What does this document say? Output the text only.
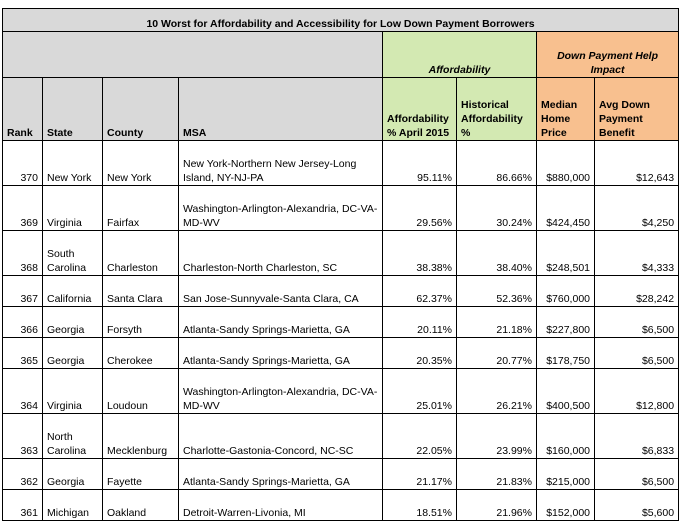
10 Worst for Affordability and Accessibility for Low Down Payment Borrowers							
				Affordability		Down Payment Help Impact	
Rank	State	County	MSA	Affordability % April 2015	Historical Affordability %	Median Home Price	Avg Down Payment Benefit
370	New York	New York	New York-Northern New Jersey-Long Island, NY-NJ-PA	95.11%	86.66%	$880,000	$12,643
369	Virginia	Fairfax	Washington-Arlington-Alexandria, DC-VA-MD-WV	29.56%	30.24%	$424,450	$4,250
368	South Carolina	Charleston	Charleston-North Charleston, SC	38.38%	38.40%	$248,501	$4,333
367	California	Santa Clara	San Jose-Sunnyvale-Santa Clara, CA	62.37%	52.36%	$760,000	$28,242
366	Georgia	Forsyth	Atlanta-Sandy Springs-Marietta, GA	20.11%	21.18%	$227,800	$6,500
365	Georgia	Cherokee	Atlanta-Sandy Springs-Marietta, GA	20.35%	20.77%	$178,750	$6,500
364	Virginia	Loudoun	Washington-Arlington-Alexandria, DC-VA-MD-WV	25.01%	26.21%	$400,500	$12,800
363	North Carolina	Mecklenburg	Charlotte-Gastonia-Concord, NC-SC	22.05%	23.99%	$160,000	$6,833
362	Georgia	Fayette	Atlanta-Sandy Springs-Marietta, GA	21.17%	21.83%	$215,000	$6,500
361	Michigan	Oakland	Detroit-Warren-Livonia, MI	18.51%	21.96%	$152,000	$5,600
